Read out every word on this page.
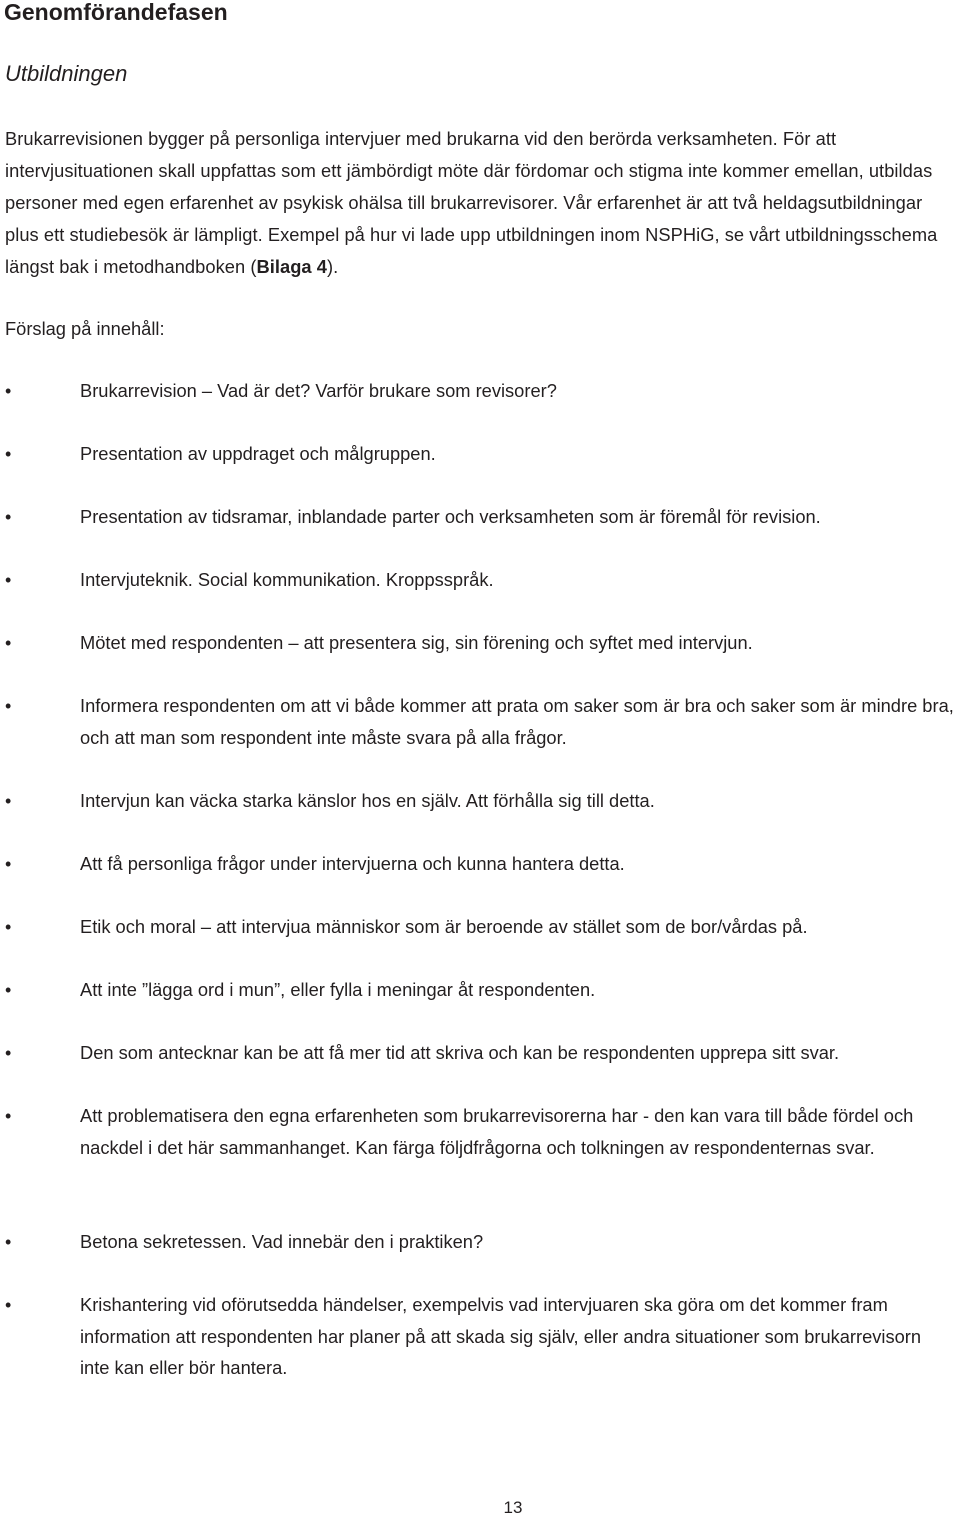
Genomförandefasen
Utbildningen

Brukarrevisionen bygger på personliga intervjuer med brukarna vid den berörda verksamheten. För att intervjusituationen skall uppfattas som ett jämbördigt möte där fördomar och stigma inte kommer emellan, utbildas personer med egen erfarenhet av psykisk ohälsa till brukarrevisorer. Vår erfarenhet är att två heldagsutbildningar plus ett studiebesök är lämpligt. Exempel på hur vi lade upp utbildningen inom NSPHiG, se vårt utbildningsschema längst bak i metodhandboken (Bilaga 4).

Förslag på innehåll:

•	Brukarrevision – Vad är det? Varför brukare som revisorer?

•	Presentation av uppdraget och målgruppen.

•	Presentation av tidsramar, inblandade parter och verksamheten som är föremål för revision.

•	Intervjuteknik. Social kommunikation. Kroppsspråk.

•	Mötet med respondenten – att presentera sig, sin förening och syftet med intervjun.

•	Informera respondenten om att vi både kommer att prata om saker som är bra och saker som är mindre bra, och att man som respondent inte måste svara på alla frågor.

•	Intervjun kan väcka starka känslor hos en själv. Att förhålla sig till detta.

•	Att få personliga frågor under intervjuerna och kunna hantera detta.

•	Etik och moral – att intervjua människor som är beroende av stället som de bor/vårdas på.

•	Att inte ”lägga ord i mun”, eller fylla i meningar åt respondenten.

•	Den som antecknar kan be att få mer tid att skriva och kan be respondenten upprepa sitt svar.

•	Att problematisera den egna erfarenheten som brukarrevisorerna har - den kan vara till både fördel och nackdel i det här sammanhanget. Kan färga följdfrågorna och tolkningen av respondenternas svar.

•	Betona sekretessen. Vad innebär den i praktiken?

•	Krishantering vid oförutsedda händelser, exempelvis vad intervjuaren ska göra om det kommer fram information att respondenten har planer på att skada sig själv, eller andra situationer som brukarrevisorn inte kan eller bör hantera.

13
